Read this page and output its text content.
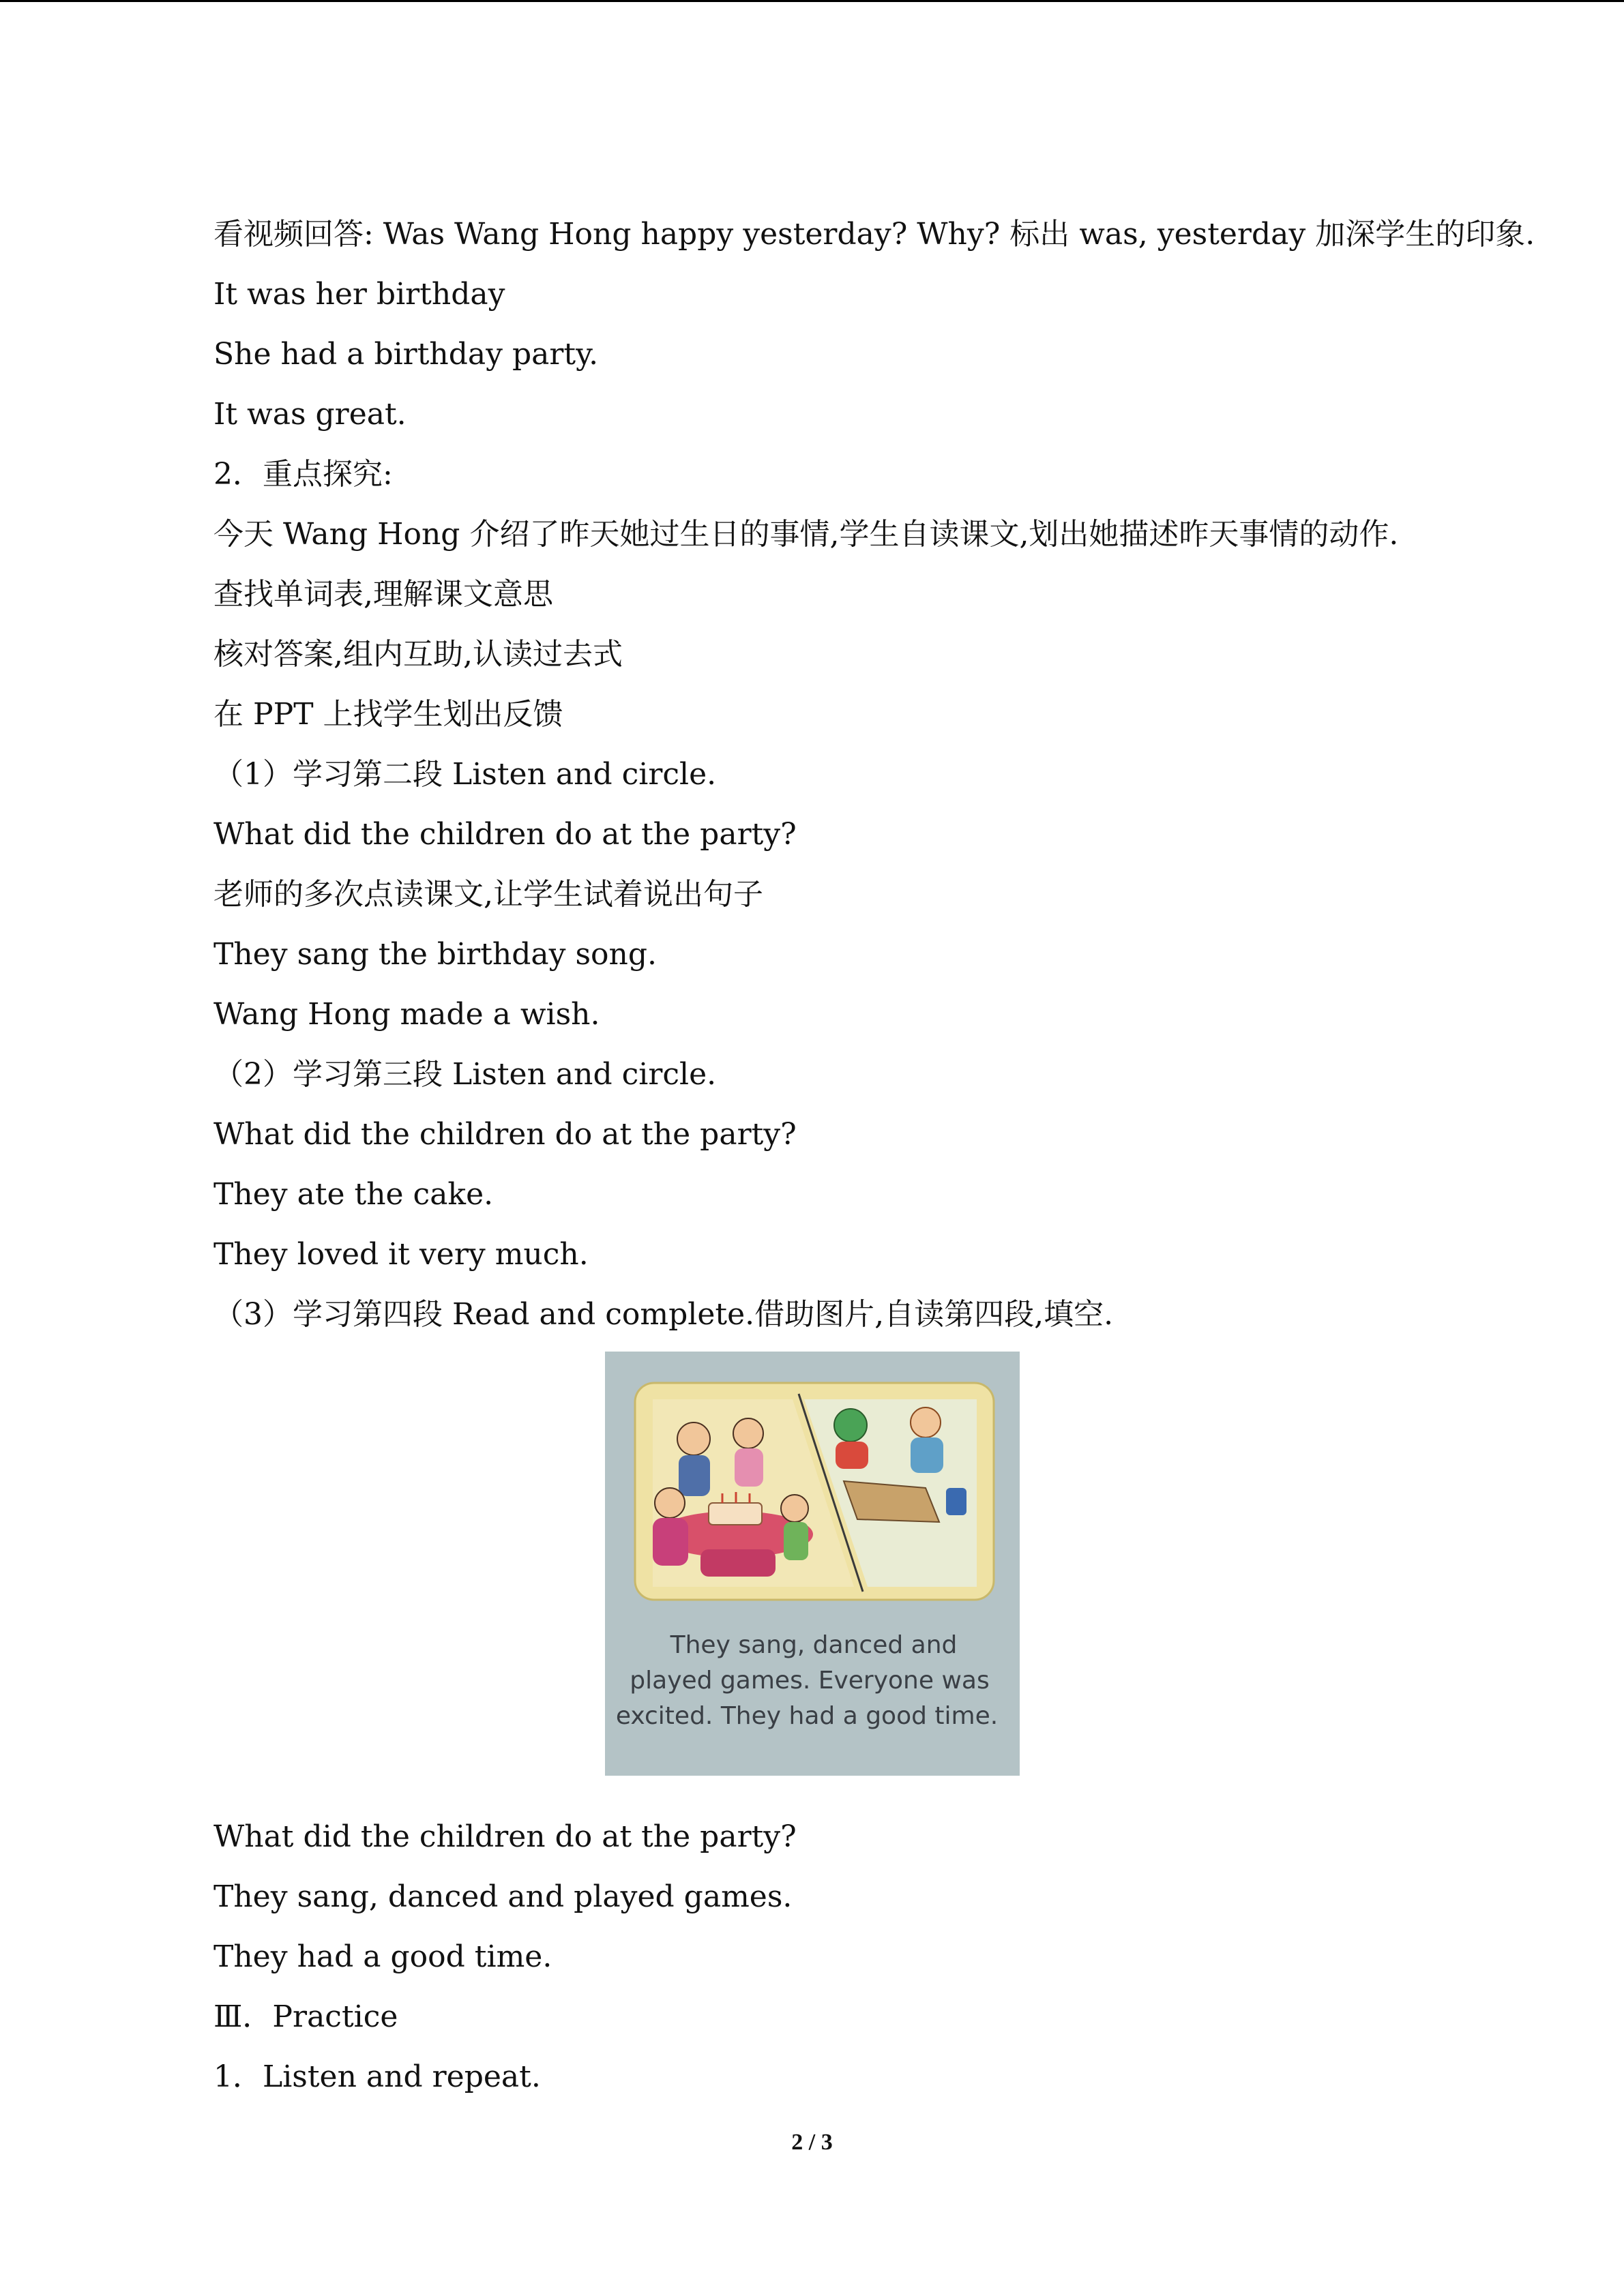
看视频回答: Was Wang Hong happy yesterday? Why? 标出 was, yesterday 加深学生的印象.
It was her birthday
She had a birthday party.
It was great.
2．重点探究:
今天 Wang Hong 介绍了昨天她过生日的事情,学生自读课文,划出她描述昨天事情的动作.
查找单词表,理解课文意思
核对答案,组内互助,认读过去式
在 PPT 上找学生划出反馈
（1）学习第二段 Listen and circle.
What did the children do at the party?
老师的多次点读课文,让学生试着说出句子
They sang the birthday song.
Wang Hong made a wish.
（2）学习第三段 Listen and circle.
What did the children do at the party?
They ate the cake.
They loved it very much.
（3）学习第四段 Read and complete.借助图片,自读第四段,填空.
They sang, danced and
played games. Everyone was
excited. They had a good time.
What did the children do at the party?
They sang, danced and played games.
They had a good time.
Ⅲ．Practice
1．Listen and repeat.
2 / 3
